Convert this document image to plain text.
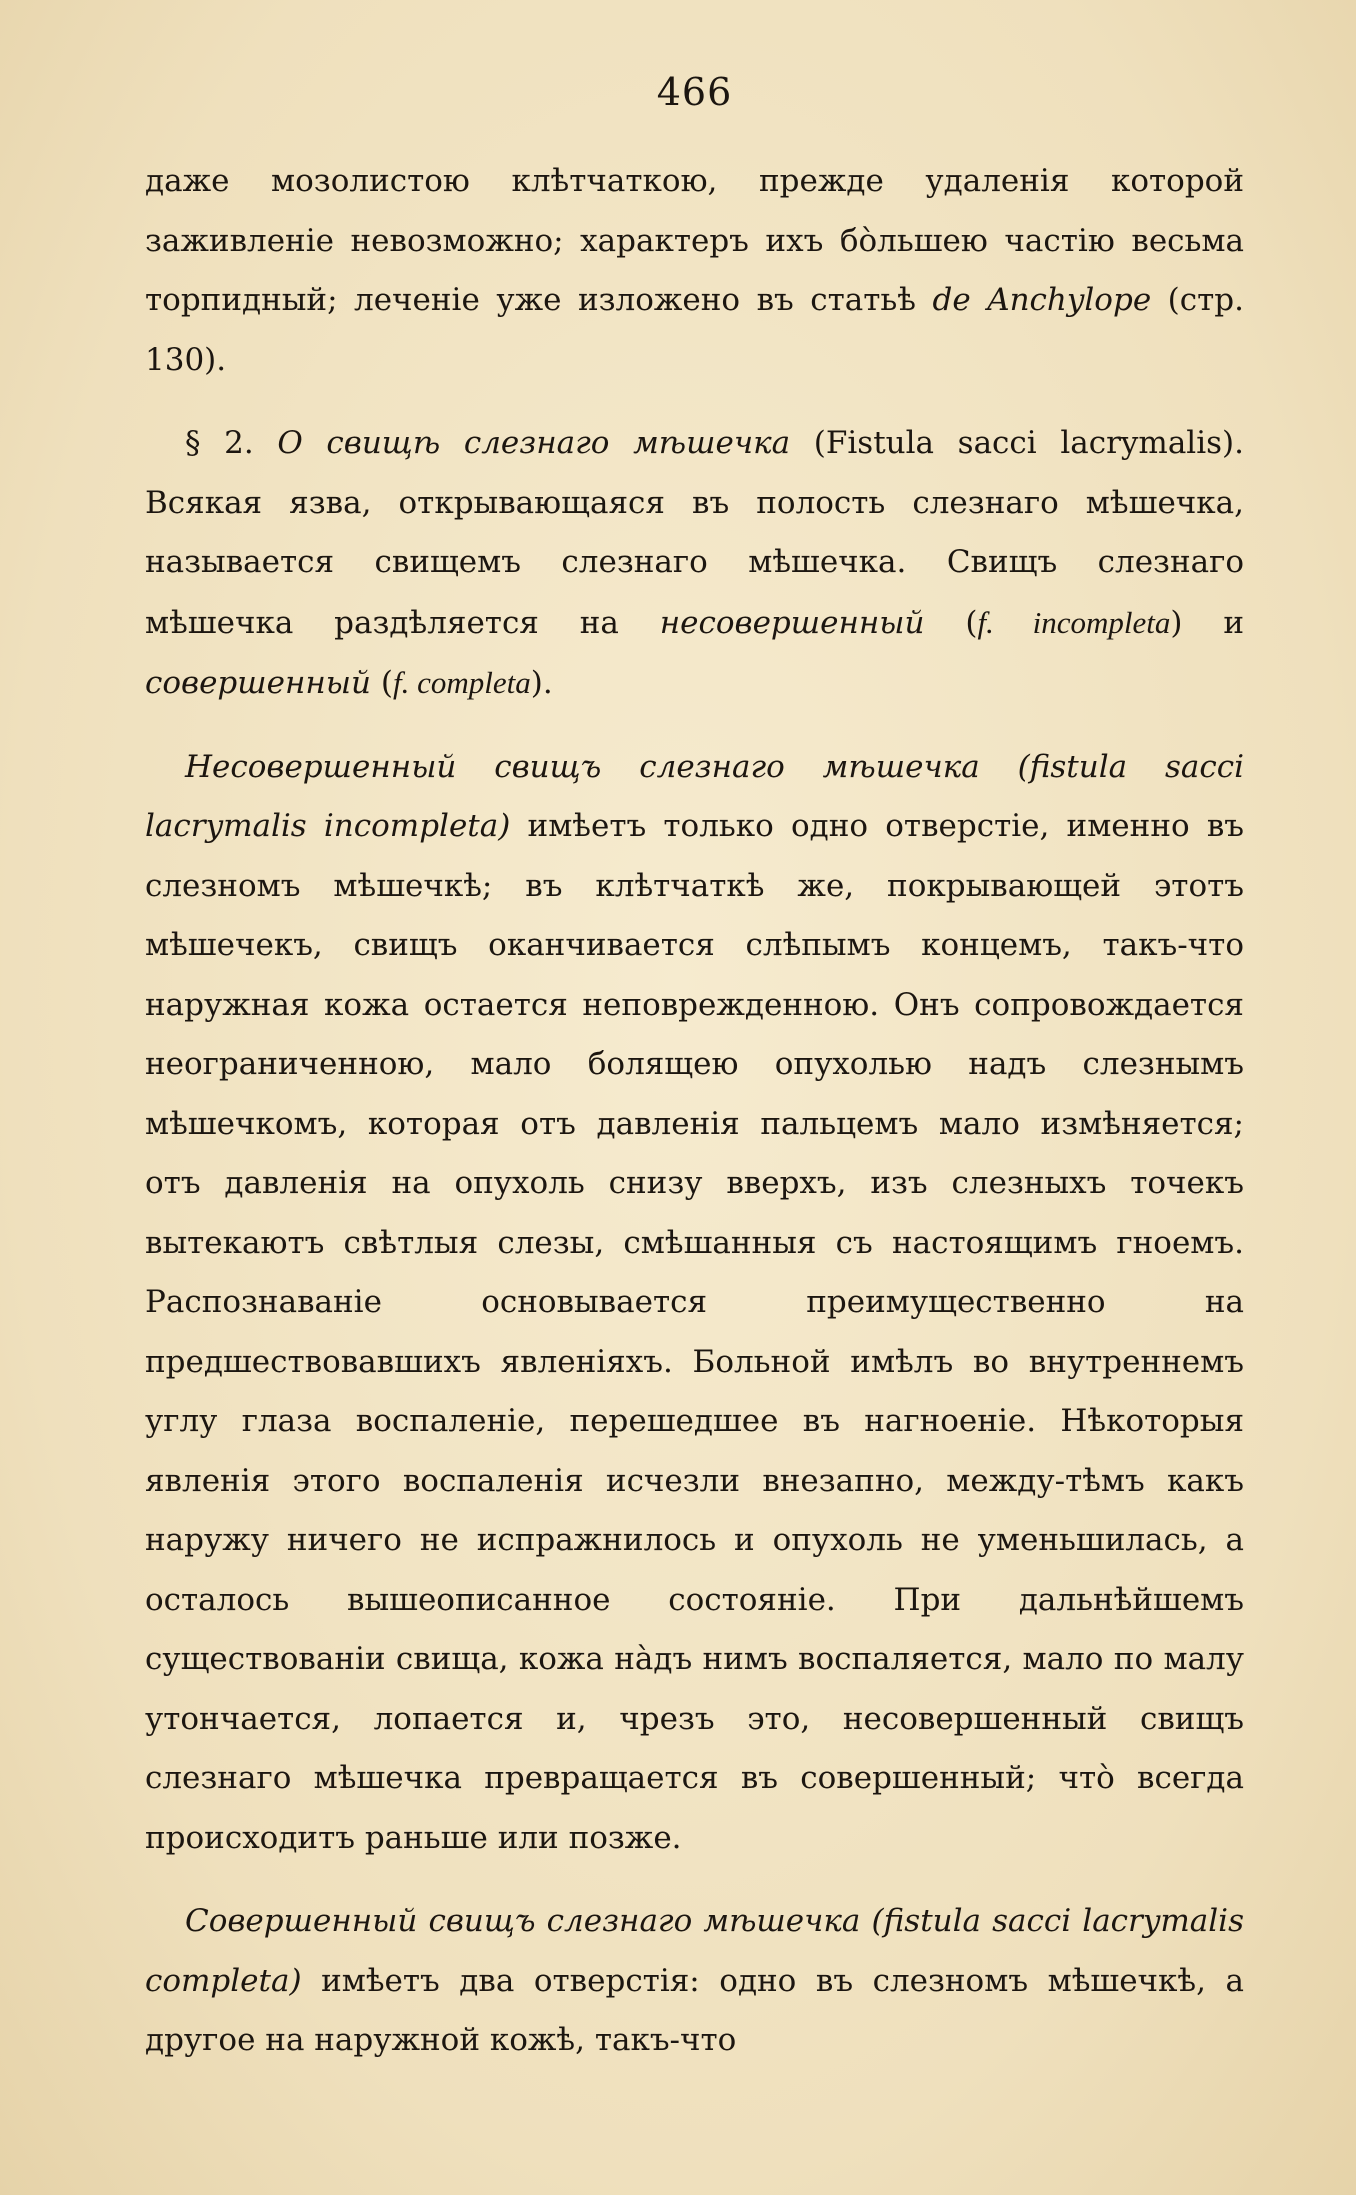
466

даже мозолистою клѣтчаткою, прежде удаленія которой заживленіе невозможно; характеръ ихъ бо̀льшею частію весьма торпидный; леченіе уже изложено въ статьѣ de Anchylope (стр. 130).

§ 2. О свищѣ слезнаго мѣшечка (Fistula sacci lacrymalis). Всякая язва, открывающаяся въ полость слезнаго мѣшечка, называется свищемъ слезнаго мѣшечка. Свищъ слезнаго мѣшечка раздѣляется на несовершенный (f. incompleta) и совершенный (f. completa).

Несовершенный свищъ слезнаго мѣшечка (fistula sacci lacrymalis incompleta) имѣетъ только одно отверстіе, именно въ слезномъ мѣшечкѣ; въ клѣтчаткѣ же, покрывающей этотъ мѣшечекъ, свищъ оканчивается слѣпымъ концемъ, такъ-что наружная кожа остается неповрежденною. Онъ сопровождается неограниченною, мало болящею опухолью надъ слезнымъ мѣшечкомъ, которая отъ давленія пальцемъ мало измѣняется; отъ давленія на опухоль снизу вверхъ, изъ слезныхъ точекъ вытекаютъ свѣтлыя слезы, смѣшанныя съ настоящимъ гноемъ. Распознаваніе основывается преимущественно на предшествовавшихъ явленіяхъ. Больной имѣлъ во внутреннемъ углу глаза воспаленіе, перешедшее въ нагноеніе. Нѣкоторыя явленія этого воспаленія исчезли внезапно, между-тѣмъ какъ наружу ничего не испражнилось и опухоль не уменьшилась, а осталось вышеописанное состояніе. При дальнѣйшемъ существованіи свища, кожа на̀дъ нимъ воспаляется, мало по малу утончается, лопается и, чрезъ это, несовершенный свищъ слезнаго мѣшечка превращается въ совершенный; что̀ всегда происходитъ раньше или позже.

Совершенный свищъ слезнаго мѣшечка (fistula sacci lacrymalis completa) имѣетъ два отверстія: одно въ слезномъ мѣшечкѣ, а другое на наружной кожѣ, такъ-что
